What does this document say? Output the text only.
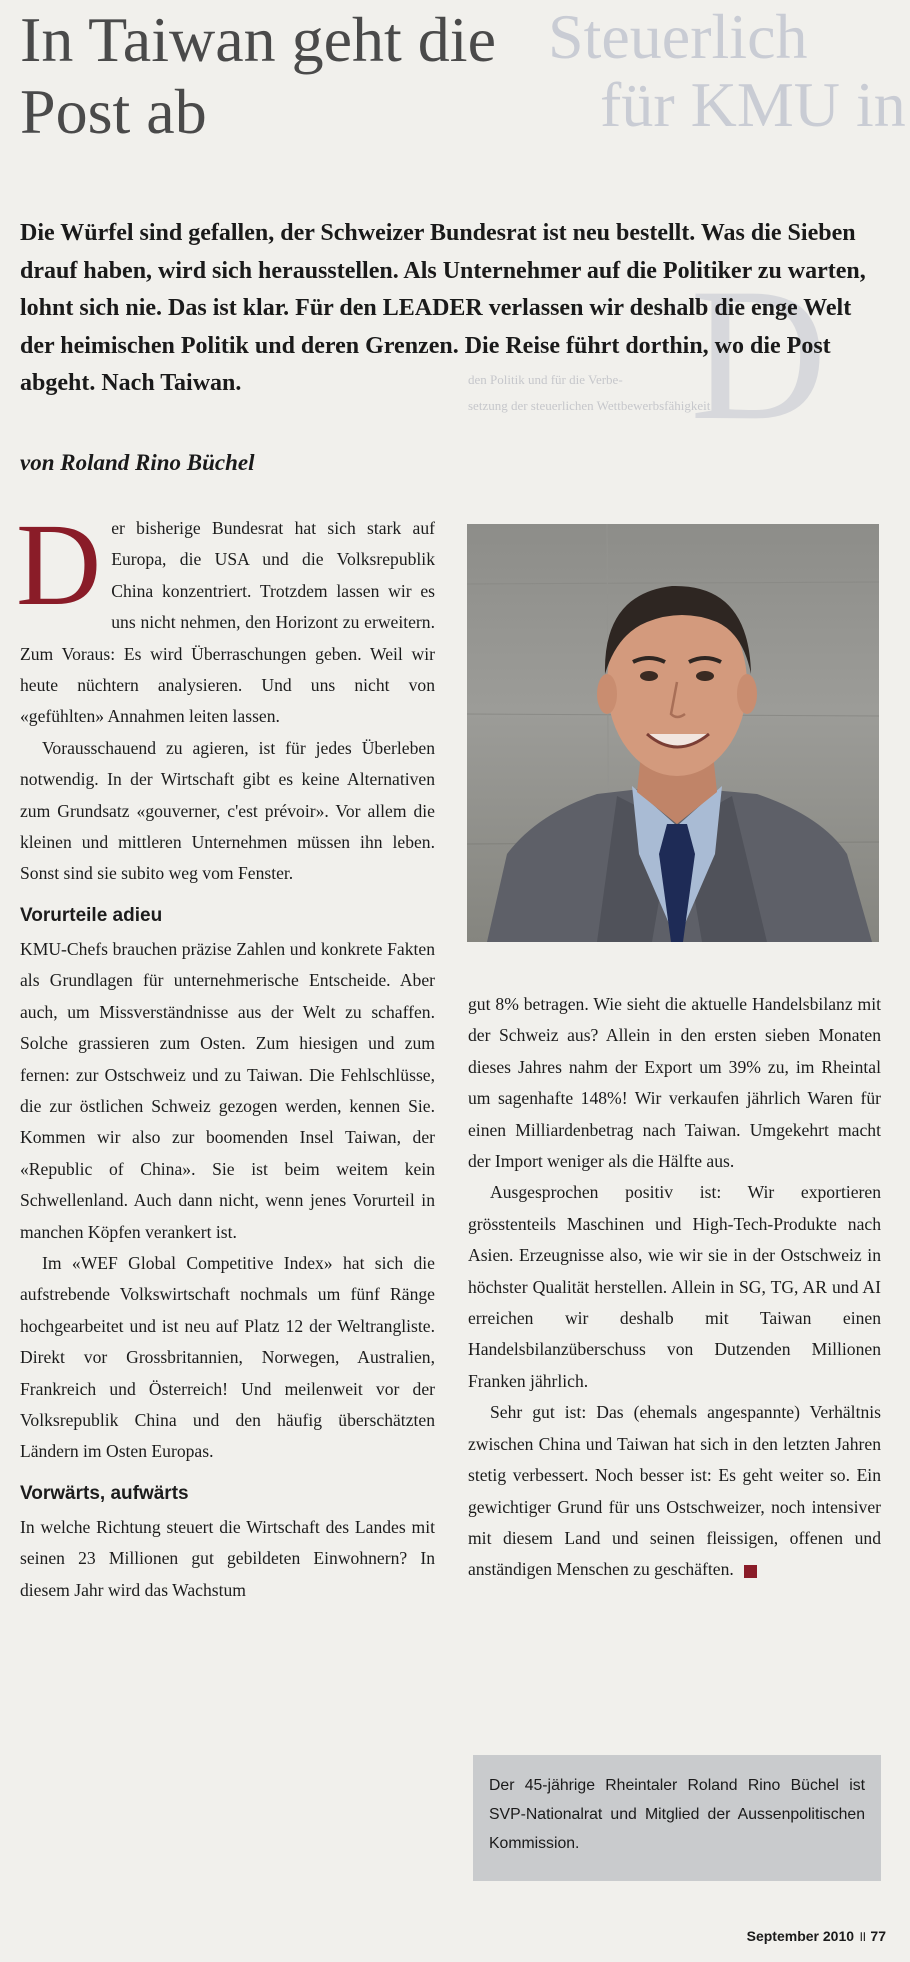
Steuerlich
für KMU in
D
den Politik und für die Verbe-
setzung der steuerlichen Wettbewerbsfähigkeit
In Taiwan geht die Post ab

Die Würfel sind gefallen, der Schweizer Bundesrat ist neu bestellt. Was die Sieben drauf haben, wird sich herausstellen. Als Unternehmer auf die Politiker zu warten, lohnt sich nie. Das ist klar. Für den LEADER verlassen wir deshalb die enge Welt der heimischen Politik und deren Grenzen. Die Reise führt dorthin, wo die Post abgeht. Nach Taiwan.

von Roland Rino Büchel

Der bisherige Bundesrat hat sich stark auf Europa, die USA und die Volksrepublik China konzentriert. Trotzdem lassen wir es uns nicht nehmen, den Horizont zu erweitern. Zum Voraus: Es wird Überraschungen geben. Weil wir heute nüchtern analysieren. Und uns nicht von «gefühlten» Annahmen leiten lassen.

Vorausschauend zu agieren, ist für jedes Überleben notwendig. In der Wirtschaft gibt es keine Alternativen zum Grundsatz «gouverner, c'est prévoir». Vor allem die kleinen und mittleren Unternehmen müssen ihn leben. Sonst sind sie subito weg vom Fenster.

Vorurteile adieu

KMU-Chefs brauchen präzise Zahlen und konkrete Fakten als Grundlagen für unternehmerische Entscheide. Aber auch, um Missverständnisse aus der Welt zu schaffen. Solche grassieren zum Osten. Zum hiesigen und zum fernen: zur Ostschweiz und zu Taiwan. Die Fehlschlüsse, die zur östlichen Schweiz gezogen werden, kennen Sie. Kommen wir also zur boomenden Insel Taiwan, der «Republic of China». Sie ist beim weitem kein Schwellenland. Auch dann nicht, wenn jenes Vorurteil in manchen Köpfen verankert ist.

Im «WEF Global Competitive Index» hat sich die aufstrebende Volkswirtschaft nochmals um fünf Ränge hochgearbeitet und ist neu auf Platz 12 der Weltrangliste. Direkt vor Grossbritannien, Norwegen, Australien, Frankreich und Österreich! Und meilenweit vor der Volksrepublik China und den häufig überschätzten Ländern im Osten Europas.

Vorwärts, aufwärts

In welche Richtung steuert die Wirtschaft des Landes mit seinen 23 Millionen gut gebildeten Einwohnern? In diesem Jahr wird das Wachstum

gut 8% betragen. Wie sieht die aktuelle Handelsbilanz mit der Schweiz aus? Allein in den ersten sieben Monaten dieses Jahres nahm der Export um 39% zu, im Rheintal um sagenhafte 148%! Wir verkaufen jährlich Waren für einen Milliardenbetrag nach Taiwan. Umgekehrt macht der Import weniger als die Hälfte aus.

Ausgesprochen positiv ist: Wir exportieren grösstenteils Maschinen und High-Tech-Produkte nach Asien. Erzeugnisse also, wie wir sie in der Ostschweiz in höchster Qualität herstellen. Allein in SG, TG, AR und AI erreichen wir deshalb mit Taiwan einen Handelsbilanzüberschuss von Dutzenden Millionen Franken jährlich.

Sehr gut ist: Das (ehemals angespannte) Verhältnis zwischen China und Taiwan hat sich in den letzten Jahren stetig verbessert. Noch besser ist: Es geht weiter so. Ein gewichtiger Grund für uns Ostschweizer, noch intensiver mit diesem Land und seinen fleissigen, offenen und anständigen Menschen zu geschäften.

Der 45-jährige Rheintaler Roland Rino Büchel ist SVP-Nationalrat und Mitglied der Aussenpolitischen Kommission.
September 2010 ॥ 77
